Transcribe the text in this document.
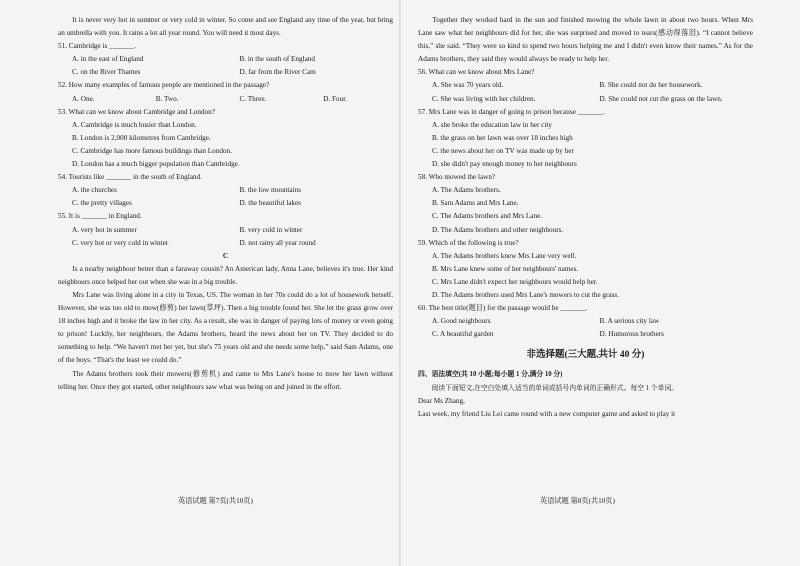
It is never very hot in summer or very cold in winter. So come and see England any time of the year, but bring an umbrella with you. It rains a lot all year round. You will need it most days.

51. Cambridge is _______.

A. in the east of England	B. in the south of England
C. on the River Thames	D. far from the River Cam

52. How many examples of famous people are mentioned in the passage?

A. One.	B. Two.	C. Three.	D. Four.

53. What can we know about Cambridge and London?

A. Cambridge is much busier than London.
B. London is 2,000 kilometres from Cambridge.
C. Cambridge has more famous buildings than London.
D. London has a much bigger population than Cambridge.

54. Tourists like _______ in the south of England.

A. the churches	B. the low mountains
C. the pretty villages	D. the beautiful lakes

55. It is _______ in England.

A. very hot in summer	B. very cold in winter
C. very hot or very cold in winter	D. not rainy all year round

C

Is a nearby neighbour better than a faraway cousin? An American lady, Anna Lane, believes it's true. Her kind neighbours once helped her out when she was in a big trouble.

Mrs Lane was living alone in a city in Texas, US. The woman in her 70s could do a lot of housework herself. However, she was too old to mow(修剪) her lawn(草坪). Then a big trouble found her. She let the grass grow over 18 inches high and it broke the law in her city. As a result, she was in danger of paying lots of money or even going to prison! Luckily, her neighbours, the Adams brothers, heard the news about her on TV. They decided to do something to help. “We haven't met her yet, but she's 75 years old and she needs some help,” said Sam Adams, one of the boys. “That's the least we could do.”

The Adams brothers took their mowers(修剪机) and came to Mrs Lane's house to mow her lawn without telling her. Once they got started, other neighbours saw what was being on and joined in the effort.

英语试题 第7页(共10页)

Together they worked hard in the sun and finished mowing the whole lawn in about two hours. When Mrs Lane saw what her neighbours did for her, she was surprised and moved to tears(感动得落泪). “I cannot believe this,” she said. “They were so kind to spend two hours helping me and I didn't even know their names.” As for the Adams brothers, they said they would always be ready to help her.

56. What can we know about Mrs Lane?

A. She was 70 years old.	B. She could not do her housework.
C. She was living with her children.	D. She could not cut the grass on the lawn.

57. Mrs Lane was in danger of going to prison because _______.

A. she broke the education law in her city
B. the grass on her lawn was over 18 inches high
C. the news about her on TV was made up by her
D. she didn't pay enough money to her neighbours

58. Who mowed the lawn?

A. The Adams brothers.
B. Sam Adams and Mrs Lane.
C. The Adams brothers and Mrs Lane.
D. The Adams brothers and other neighbours.

59. Which of the following is true?

A. The Adams brothers knew Mrs Lane very well.
B. Mrs Lane knew some of her neighbours' names.
C. Mrs Lane didn't expect her neighbours would help her.
D. The Adams brothers used Mrs Lane's mowers to cut the grass.

60. The best title(题目) for the passage would be _______.

A. Good neighbours	B. A serious city law
C. A beautiful garden	D. Humorous brothers

非选择题(三大题,共计 40 分)

四、语法填空(共 10 小题;每小题 1 分,满分 10 分)

阅读下面短文,在空白处填入适当的单词或括号内单词的正确形式。每空 1 个单词。

Dear Ms Zhang,

Last week, my friend Liu Lei came round with a new computer game and asked to play it

英语试题 第8页(共10页)
